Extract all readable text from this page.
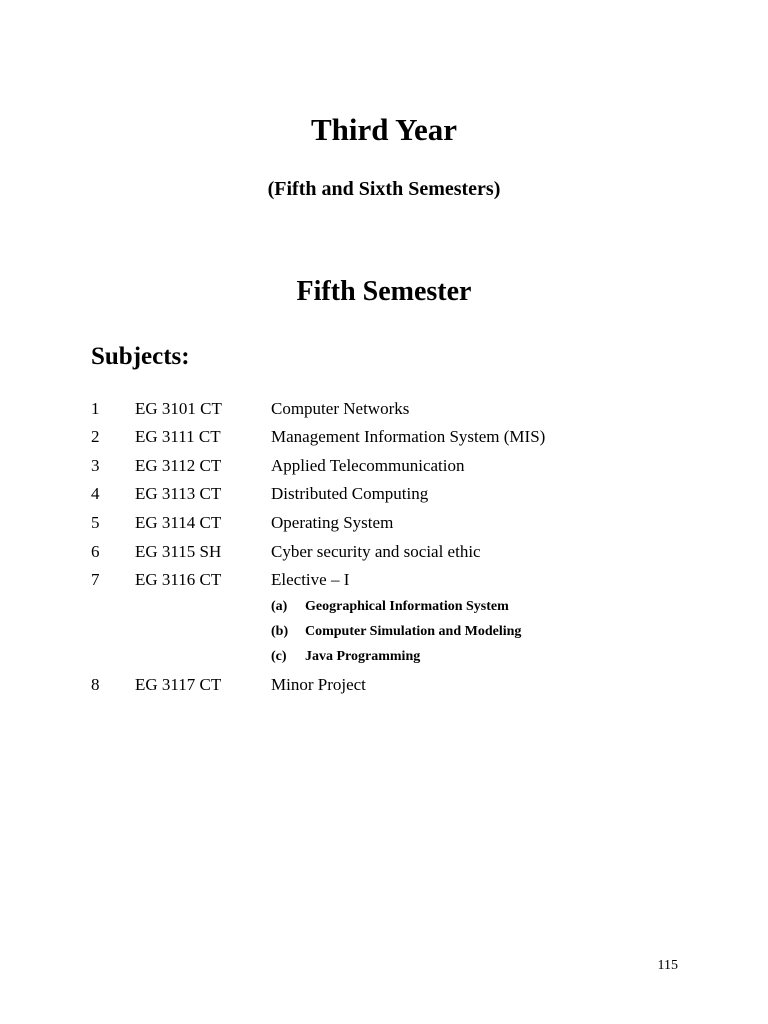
Third Year
(Fifth and Sixth Semesters)
Fifth Semester
Subjects:
1 EG 3101 CT	Computer Networks
2 EG 3111 CT	Management Information System (MIS)
3 EG 3112 CT	Applied Telecommunication
4 EG 3113 CT	Distributed Computing
5 EG 3114 CT	Operating System
6 EG 3115 SH	Cyber security and social ethic
7 EG 3116 CT	Elective – I
(a) Geographical Information System
(b) Computer Simulation and Modeling
(c) Java Programming
8 EG 3117 CT	Minor Project
115
